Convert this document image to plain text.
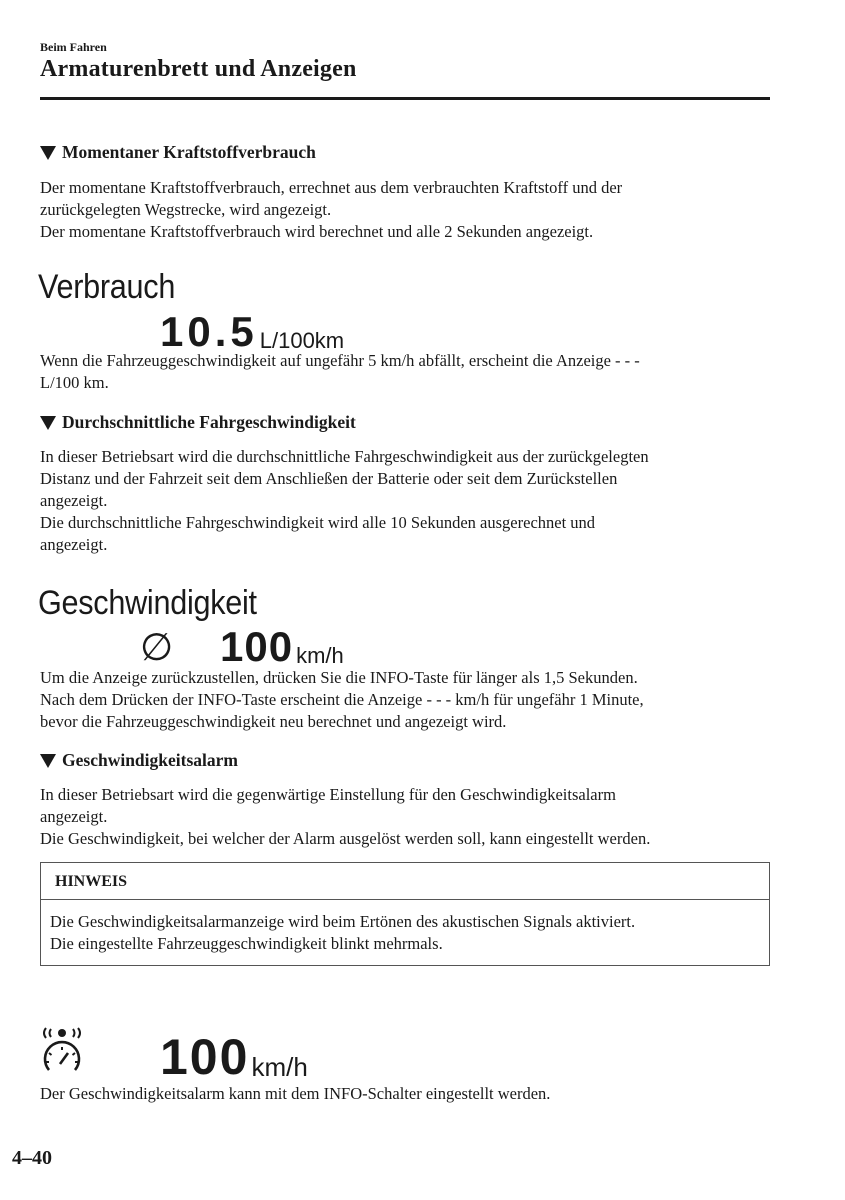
Beim Fahren
Armaturenbrett und Anzeigen
Momentaner Kraftstoffverbrauch
Der momentane Kraftstoffverbrauch, errechnet aus dem verbrauchten Kraftstoff und der
zurückgelegten Wegstrecke, wird angezeigt.
Der momentane Kraftstoffverbrauch wird berechnet und alle 2 Sekunden angezeigt.
Verbrauch
10.5 L/100km
Wenn die Fahrzeuggeschwindigkeit auf ungefähr 5 km/h abfällt, erscheint die Anzeige - - -
L/100 km.
Durchschnittliche Fahrgeschwindigkeit
In dieser Betriebsart wird die durchschnittliche Fahrgeschwindigkeit aus der zurückgelegten
Distanz und der Fahrzeit seit dem Anschließen der Batterie oder seit dem Zurückstellen
angezeigt.
Die durchschnittliche Fahrgeschwindigkeit wird alle 10 Sekunden ausgerechnet und
angezeigt.
Geschwindigkeit
∅	100 km/h
Um die Anzeige zurückzustellen, drücken Sie die INFO-Taste für länger als 1,5 Sekunden.
Nach dem Drücken der INFO-Taste erscheint die Anzeige - - - km/h für ungefähr 1 Minute,
bevor die Fahrzeuggeschwindigkeit neu berechnet und angezeigt wird.
Geschwindigkeitsalarm
In dieser Betriebsart wird die gegenwärtige Einstellung für den Geschwindigkeitsalarm
angezeigt.
Die Geschwindigkeit, bei welcher der Alarm ausgelöst werden soll, kann eingestellt werden.
HINWEIS
Die Geschwindigkeitsalarmanzeige wird beim Ertönen des akustischen Signals aktiviert.
Die eingestellte Fahrzeuggeschwindigkeit blinkt mehrmals.
100 km/h
Der Geschwindigkeitsalarm kann mit dem INFO-Schalter eingestellt werden.
4–40
